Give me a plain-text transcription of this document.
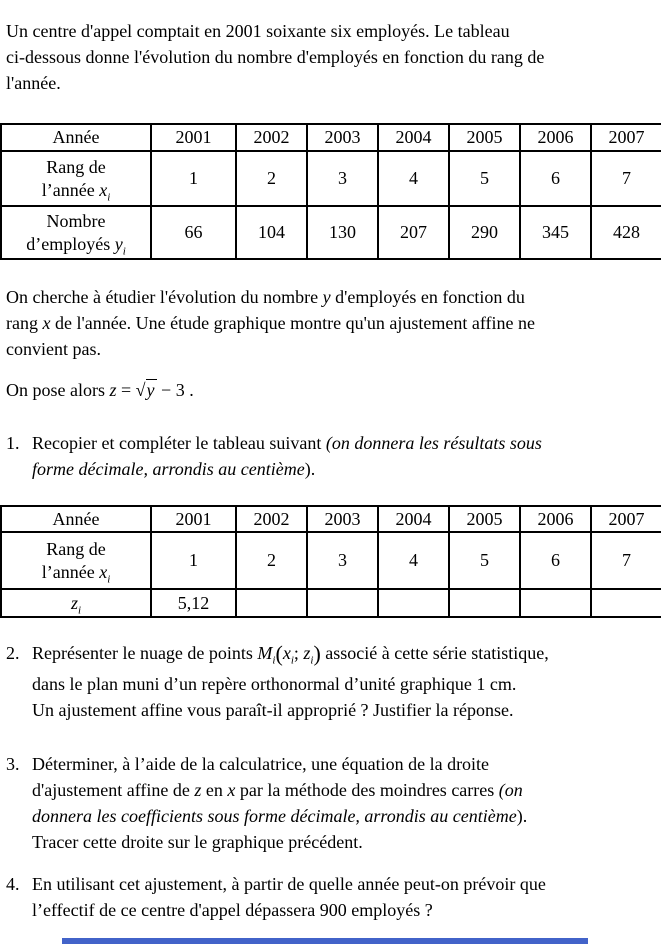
Un centre d'appel comptait en 2001 soixante six employés. Le tableau
ci-dessous donne l'évolution du nombre d'employés en fonction du rang de
l'année.
Année	2001	2002	2003	2004	2005	2006	2007
Rang de
l’année $x_i$	1	2	3	4	5	6	7
Nombre
d’employés $y_i$	66	104	130	207	290	345	428
On cherche à étudier l'évolution du nombre y d'employés en fonction du
rang x de l'année. Une étude graphique montre qu'un ajustement affine ne
convient pas.
On pose alors z = √y − 3 .
1. Recopier et compléter le tableau suivant (on donnera les résultats sous
forme décimale, arrondis au centième).
Année	2001	2002	2003	2004	2005	2006	2007
Rang de
l’année $x_i$	1	2	3	4	5	6	7
$z_i$	5,12						
2. Représenter le nuage de points $M_i(x_i$; $z_i$) associé à cette série statistique,
dans le plan muni d’un repère orthonormal d’unité graphique 1 cm.
Un ajustement affine vous paraît-il approprié ? Justifier la réponse.
3. Déterminer, à l’aide de la calculatrice, une équation de la droite
d'ajustement affine de z en x par la méthode des moindres carres (on
donnera les coefficients sous forme décimale, arrondis au centième).
Tracer cette droite sur le graphique précédent.
4. En utilisant cet ajustement, à partir de quelle année peut-on prévoir que
l’effectif de ce centre d'appel dépassera 900 employés ?
